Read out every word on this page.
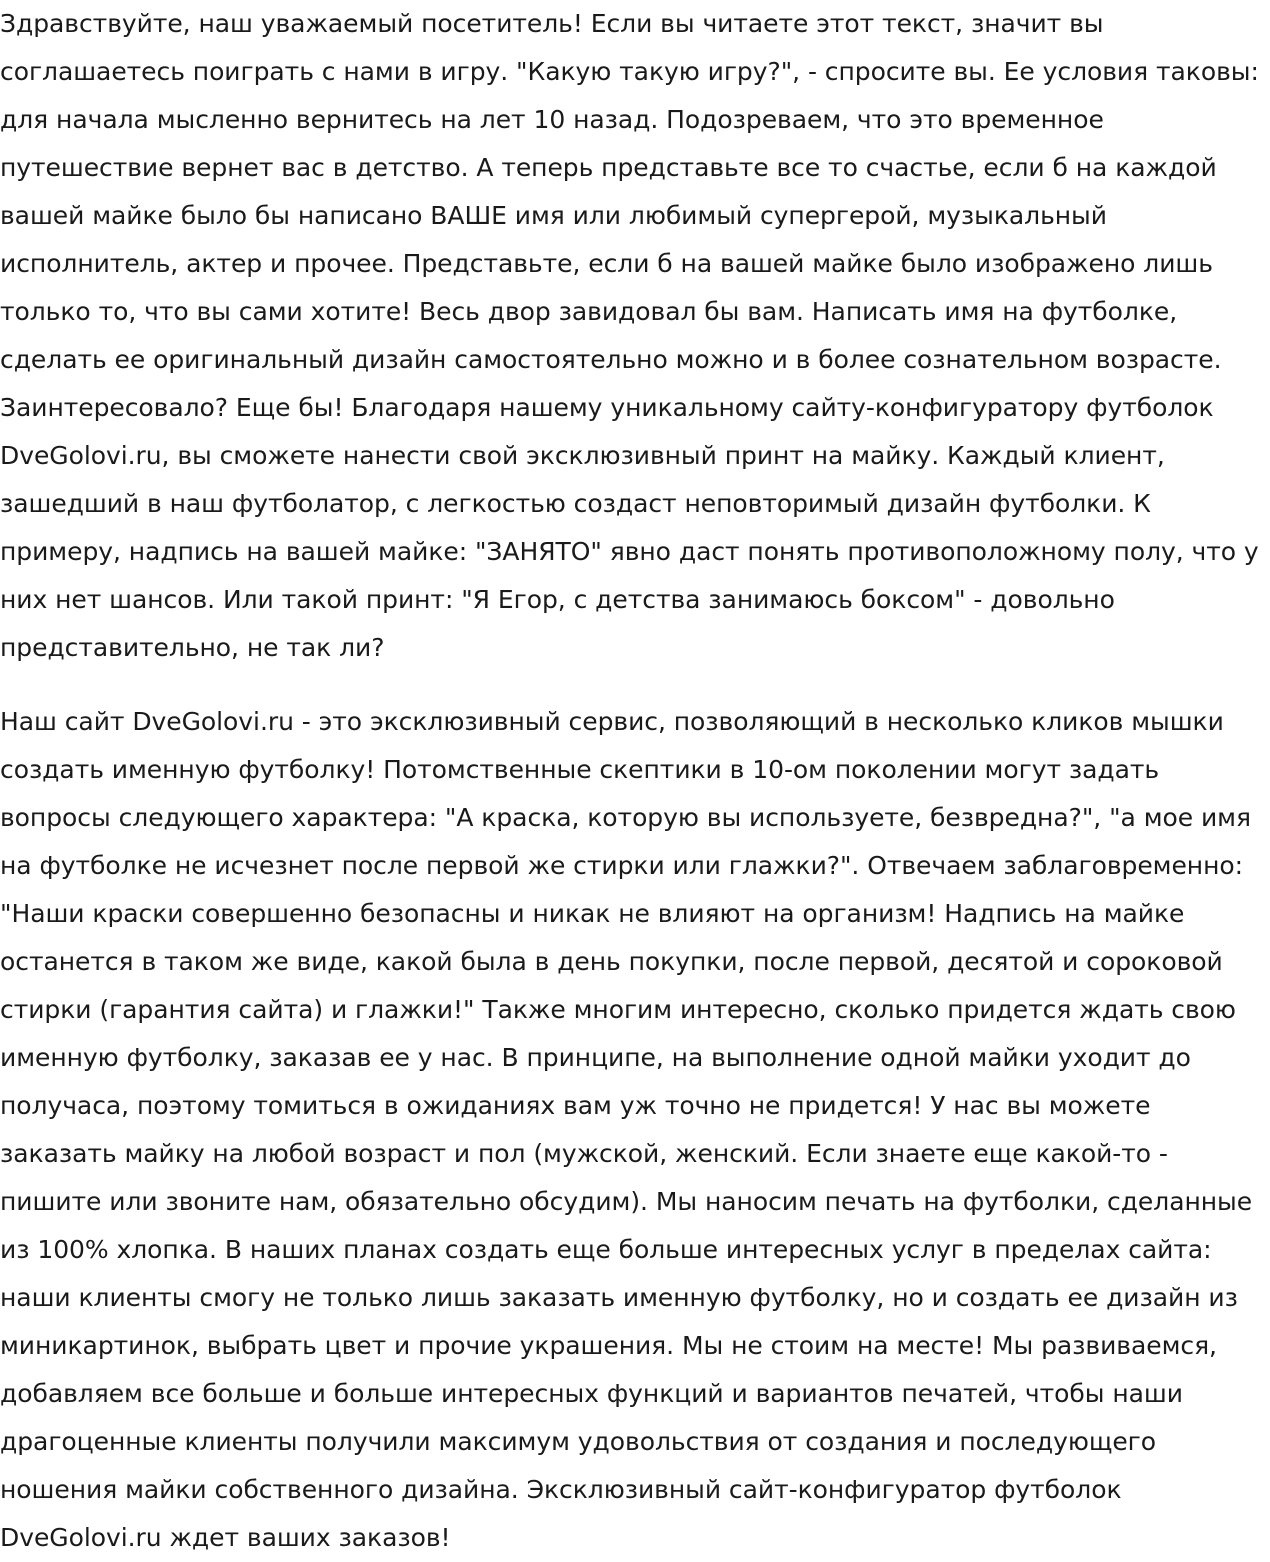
Здравствуйте, наш уважаемый посетитель! Если вы читаете этот текст, значит вы соглашаетесь поиграть с нами в игру. "Какую такую игру?", - спросите вы. Ее условия таковы: для начала мысленно вернитесь на лет 10 назад. Подозреваем, что это временное путешествие вернет вас в детство. А теперь представьте все то счастье, если б на каждой вашей майке было бы написано ВАШЕ имя или любимый супергерой, музыкальный исполнитель, актер и прочее. Представьте, если б на вашей майке было изображено лишь только то, что вы сами хотите! Весь двор завидовал бы вам. Написать имя на футболке, сделать ее оригинальный дизайн самостоятельно можно и в более сознательном возрасте. Заинтересовало? Еще бы! Благодаря нашему уникальному сайту-конфигуратору футболок DveGolovi.ru, вы сможете нанести свой эксклюзивный принт на майку. Каждый клиент, зашедший в наш футболатор, с легкостью создаст неповторимый дизайн футболки. К примеру, надпись на вашей майке: "ЗАНЯТО" явно даст понять противоположному полу, что у них нет шансов. Или такой принт: "Я Егор, с детства занимаюсь боксом" - довольно представительно, не так ли?

Наш сайт DveGolovi.ru - это эксклюзивный сервис, позволяющий в несколько кликов мышки создать именную футболку! Потомственные скептики в 10-ом поколении могут задать вопросы следующего характера: "А краска, которую вы используете, безвредна?", "а мое имя на футболке не исчезнет после первой же стирки или глажки?". Отвечаем заблаговременно: "Наши краски совершенно безопасны и никак не влияют на организм! Надпись на майке останется в таком же виде, какой была в день покупки, после первой, десятой и сороковой стирки (гарантия сайта) и глажки!" Также многим интересно, сколько придется ждать свою именную футболку, заказав ее у нас. В принципе, на выполнение одной майки уходит до получаса, поэтому томиться в ожиданиях вам уж точно не придется! У нас вы можете заказать майку на любой возраст и пол (мужской, женский. Если знаете еще какой-то - пишите или звоните нам, обязательно обсудим). Мы наносим печать на футболки, сделанные из 100% хлопка. В наших планах создать еще больше интересных услуг в пределах сайта: наши клиенты смогу не только лишь заказать именную футболку, но и создать ее дизайн из миникартинок, выбрать цвет и прочие украшения. Мы не стоим на месте! Мы развиваемся, добавляем все больше и больше интересных функций и вариантов печатей, чтобы наши драгоценные клиенты получили максимум удовольствия от создания и последующего ношения майки собственного дизайна. Эксклюзивный сайт-конфигуратор футболок DveGolovi.ru ждет ваших заказов!
